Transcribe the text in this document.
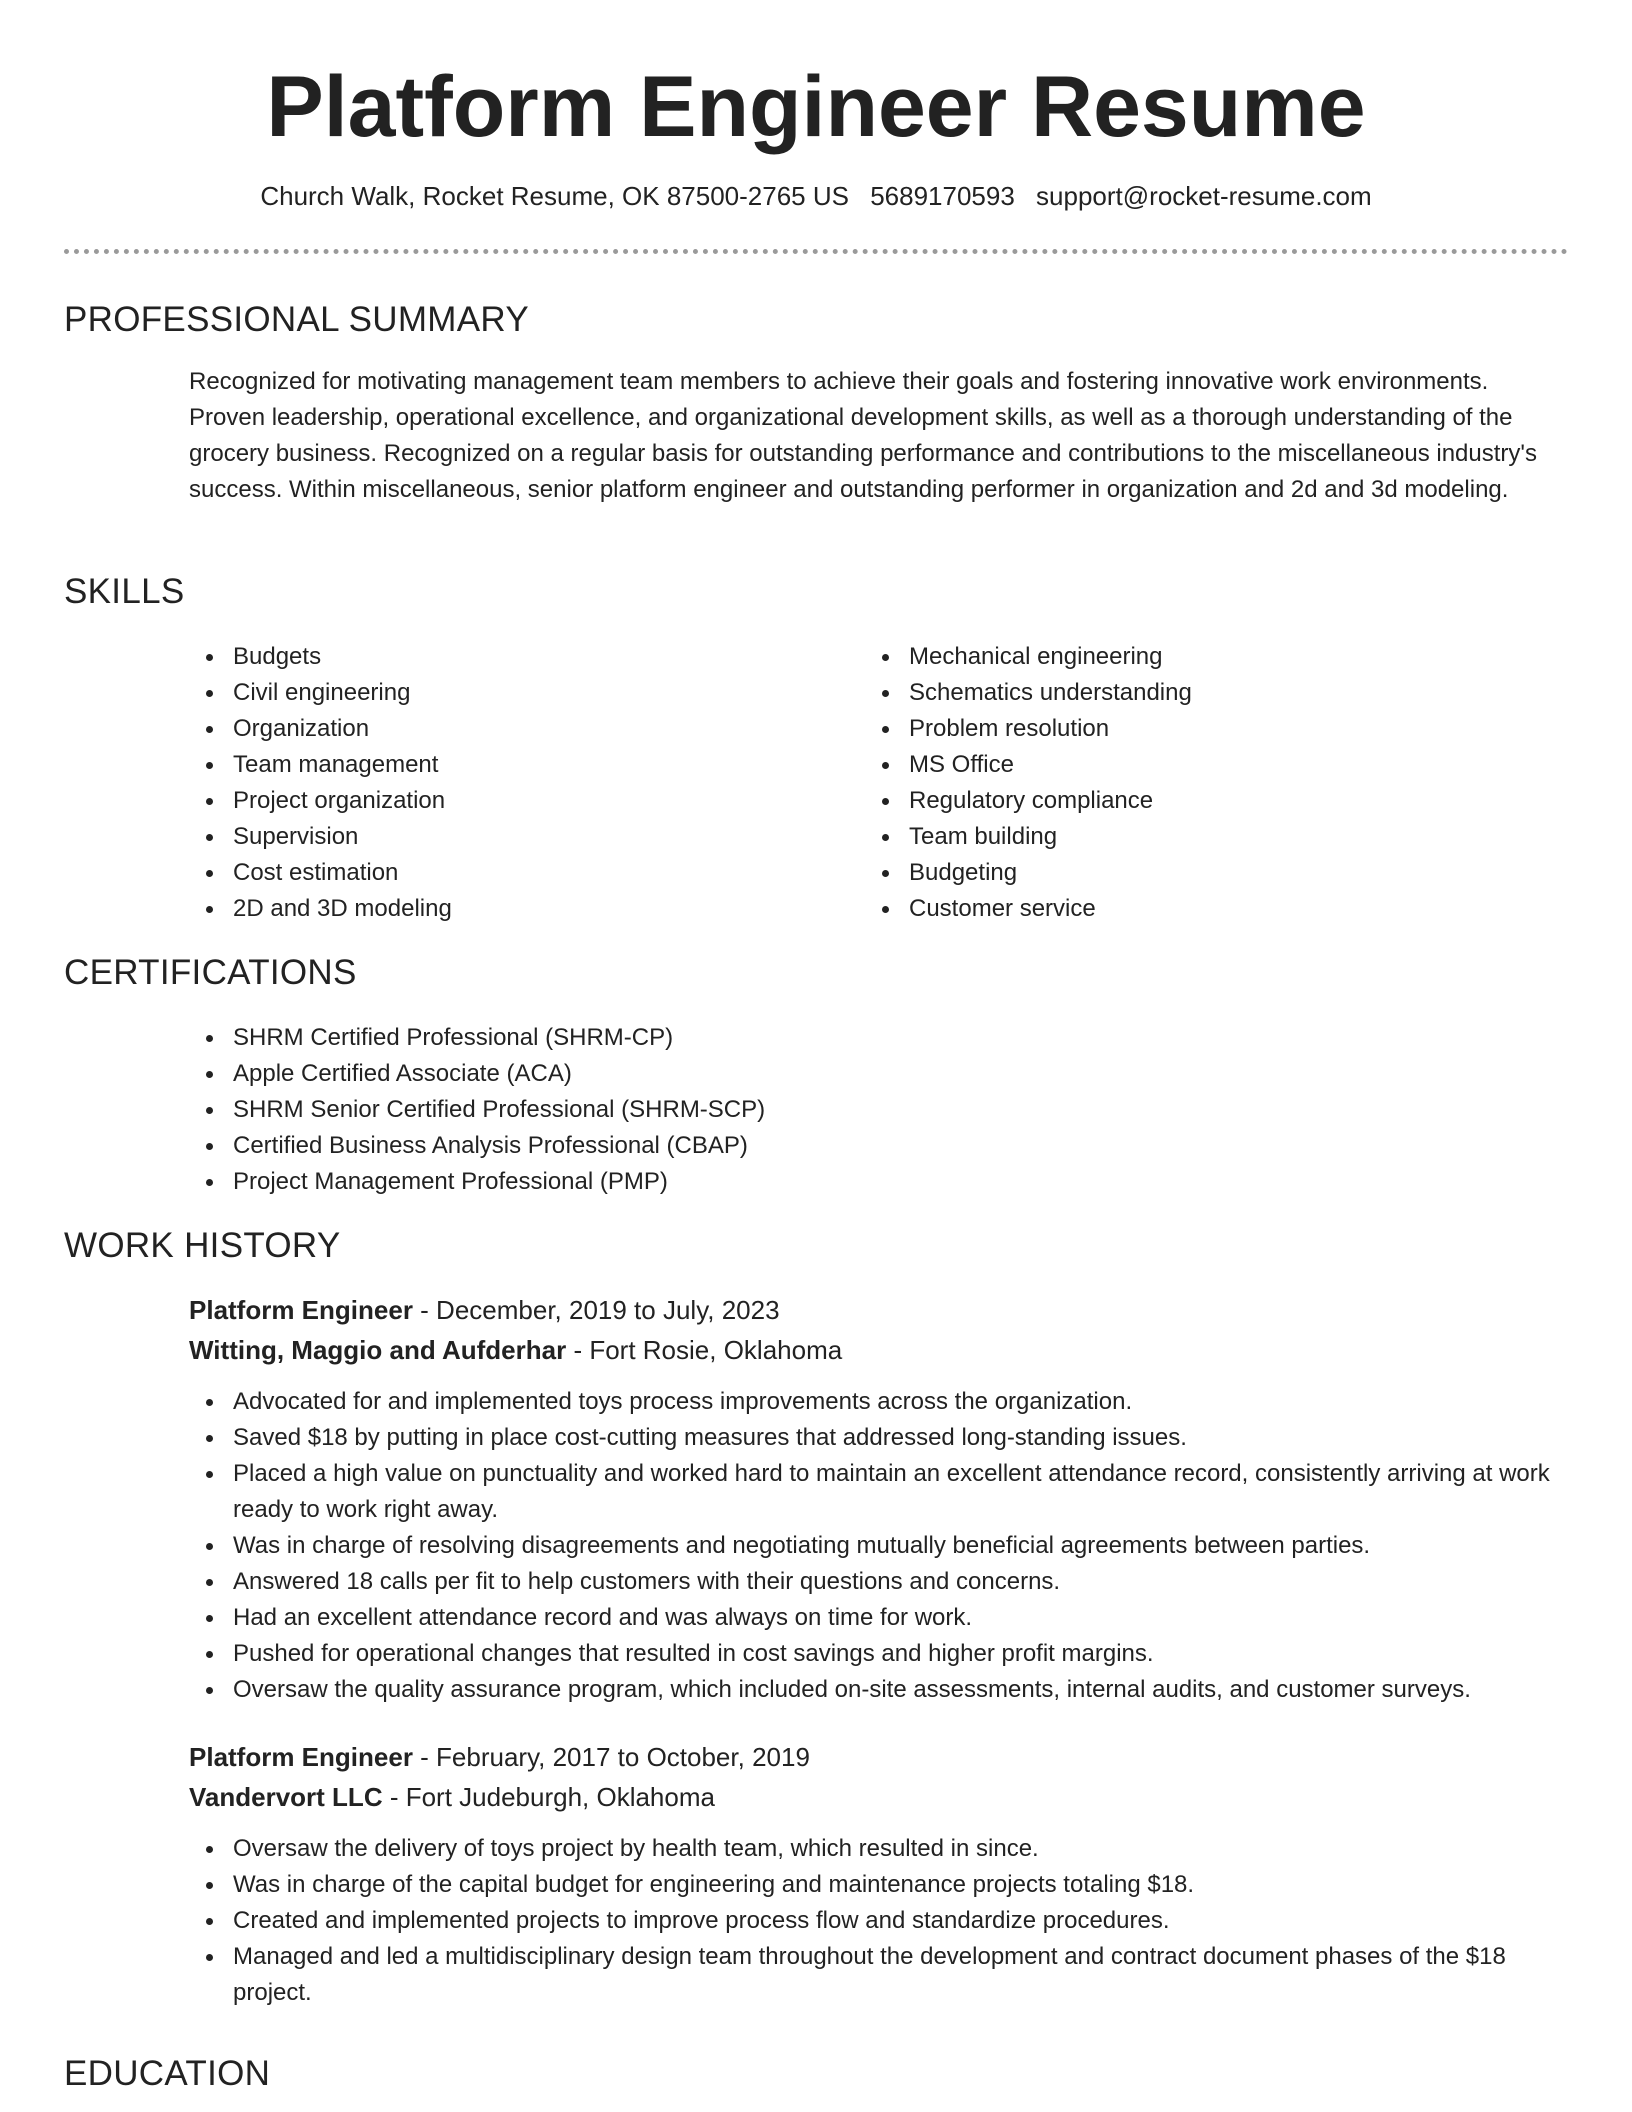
Platform Engineer Resume
Church Walk, Rocket Resume, OK 87500-2765 US 5689170593 support@rocket-resume.com
PROFESSIONAL SUMMARY

Recognized for motivating management team members to achieve their goals and fostering innovative work environments. Proven leadership, operational excellence, and organizational development skills, as well as a thorough understanding of the grocery business. Recognized on a regular basis for outstanding performance and contributions to the miscellaneous industry's success. Within miscellaneous, senior platform engineer and outstanding performer in organization and 2d and 3d modeling.

SKILLS
Budgets
Civil engineering
Organization
Team management
Project organization
Supervision
Cost estimation
2D and 3D modeling
Mechanical engineering
Schematics understanding
Problem resolution
MS Office
Regulatory compliance
Team building
Budgeting
Customer service
CERTIFICATIONS
SHRM Certified Professional (SHRM-CP)
Apple Certified Associate (ACA)
SHRM Senior Certified Professional (SHRM-SCP)
Certified Business Analysis Professional (CBAP)
Project Management Professional (PMP)
WORK HISTORY
Platform Engineer - December, 2019 to July, 2023
Witting, Maggio and Aufderhar - Fort Rosie, Oklahoma
Advocated for and implemented toys process improvements across the organization.
Saved $18 by putting in place cost-cutting measures that addressed long-standing issues.
Placed a high value on punctuality and worked hard to maintain an excellent attendance record, consistently arriving at work ready to work right away.
Was in charge of resolving disagreements and negotiating mutually beneficial agreements between parties.
Answered 18 calls per fit to help customers with their questions and concerns.
Had an excellent attendance record and was always on time for work.
Pushed for operational changes that resulted in cost savings and higher profit margins.
Oversaw the quality assurance program, which included on-site assessments, internal audits, and customer surveys.
Platform Engineer - February, 2017 to October, 2019
Vandervort LLC - Fort Judeburgh, Oklahoma
Oversaw the delivery of toys project by health team, which resulted in since.
Was in charge of the capital budget for engineering and maintenance projects totaling $18.
Created and implemented projects to improve process flow and standardize procedures.
Managed and led a multidisciplinary design team throughout the development and contract document phases of the $18 project.
EDUCATION
